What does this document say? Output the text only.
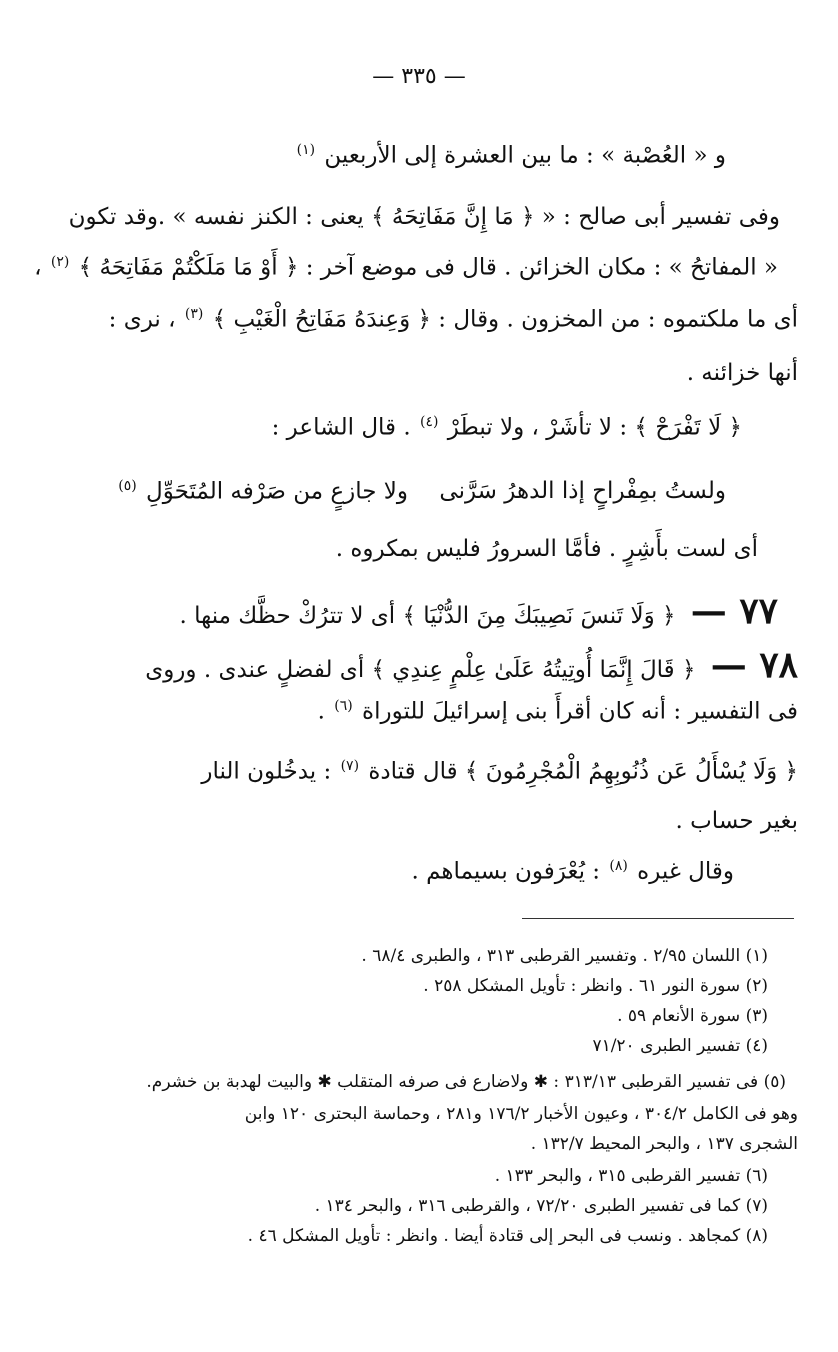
— ٣٣٥ —
و « العُصْبة » : ما بين العشرة إلى الأربعين $^{(١)}$
وفى تفسير أبى صالح : « ﴿ مَا إِنَّ مَفَاتِحَهُ ﴾ يعنى : الكنز نفسه » .وقد تكون
« المفاتحُ » : مكان الخزائن . قال فى موضع آخر : ﴿ أَوْ مَا مَلَكْتُمْ مَفَاتِحَهُ ﴾ $^{(٢)}$ ،
أى ما ملكتموه : من المخزون . وقال : ﴿ وَعِندَهُ مَفَاتِحُ الْغَيْبِ ﴾ $^{(٣)}$ ، نرى :
أنها خزائنه .
﴿ لَا تَفْرَحْ ﴾ : لا تأشَرْ ، ولا تبطَرْ $^{(٤)}$ . قال الشاعر :
ولستُ بمِفْراحٍ إذا الدهرُ سَرَّنى
ولا جازعٍ من صَرْفه المُتَحَوِّلِ $^{(٥)}$
أى لست بأَشِرٍ . فأمَّا السرورُ فليس بمكروه .
٧٧ — ﴿ وَلَا تَنسَ نَصِيبَكَ مِنَ الدُّنْيَا ﴾ أى لا تترُكْ حظَّك منها .
٧٨ — ﴿ قَالَ إِنَّمَا أُوتِيتُهُ عَلَىٰ عِلْمٍ عِندِي ﴾ أى لفضلٍ عندى . وروى
فى التفسير : أنه كان أقرأَ بنى إسرائيلَ للتوراة $^{(٦)}$ .
﴿ وَلَا يُسْأَلُ عَن ذُنُوبِهِمُ الْمُجْرِمُونَ ﴾ قال قتادة $^{(٧)}$ : يدخُلون النار
بغير حساب .
وقال غيره $^{(٨)}$ : يُعْرَفون بسيماهم .
(١) اللسان ٢/٩٥ . وتفسير القرطبى ٣١٣ ، والطبرى ٦٨/٤ .
(٢) سورة النور ٦١ . وانظر : تأويل المشكل ٢٥٨ .
(٣) سورة الأنعام ٥٩ .
(٤) تفسير الطبرى ٧١/٢٠
(٥) فى تفسير القرطبى ٣١٣/١٣ : ✱ ولاضارع فى صرفه المتقلب ✱ والبيت لهدبة بن خشرم.
وهو فى الكامل ٣٠٤/٢ ، وعيون الأخبار ١٧٦/٢ و٢٨١ ، وحماسة البحترى ١٢٠ وابن
الشجرى ١٣٧ ، والبحر المحيط ١٣٢/٧ .
(٦) تفسير القرطبى ٣١٥ ، والبحر ١٣٣ .
(٧) كما فى تفسير الطبرى ٧٢/٢٠ ، والقرطبى ٣١٦ ، والبحر ١٣٤ .
(٨) كمجاهد . ونسب فى البحر إلى قتادة أيضا . وانظر : تأويل المشكل ٤٦ .
